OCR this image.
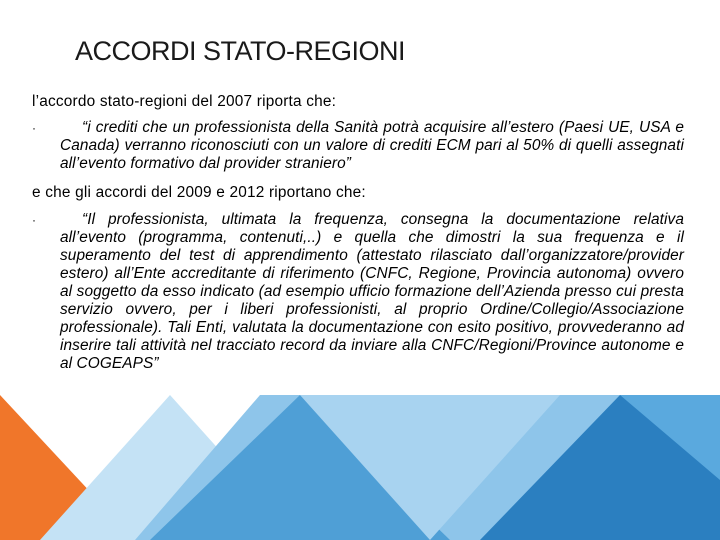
ACCORDI STATO-REGIONI
l’accordo stato-regioni del 2007 riporta che:
·	“i crediti che un professionista della Sanità potrà acquisire all’estero (Paesi UE, USA e Canada) verranno riconosciuti con un valore di crediti ECM pari al 50% di quelli assegnati all’evento formativo dal provider straniero”
e che gli accordi del 2009 e 2012 riportano che:
·	“Il professionista, ultimata la frequenza, consegna la documentazione relativa all’evento (programma, contenuti,..) e quella che dimostri la sua frequenza e il superamento del test di apprendimento (attestato rilasciato dall’organizzatore/provider estero) all’Ente accreditante di riferimento (CNFC, Regione, Provincia autonoma) ovvero al soggetto da esso indicato (ad esempio ufficio formazione dell’Azienda presso cui presta servizio ovvero, per i liberi professionisti, al proprio Ordine/Collegio/Associazione professionale). Tali Enti, valutata la documentazione con esito positivo, provvederanno ad inserire tali attività nel tracciato record da inviare alla CNFC/Regioni/Province autonome e al COGEAPS”
